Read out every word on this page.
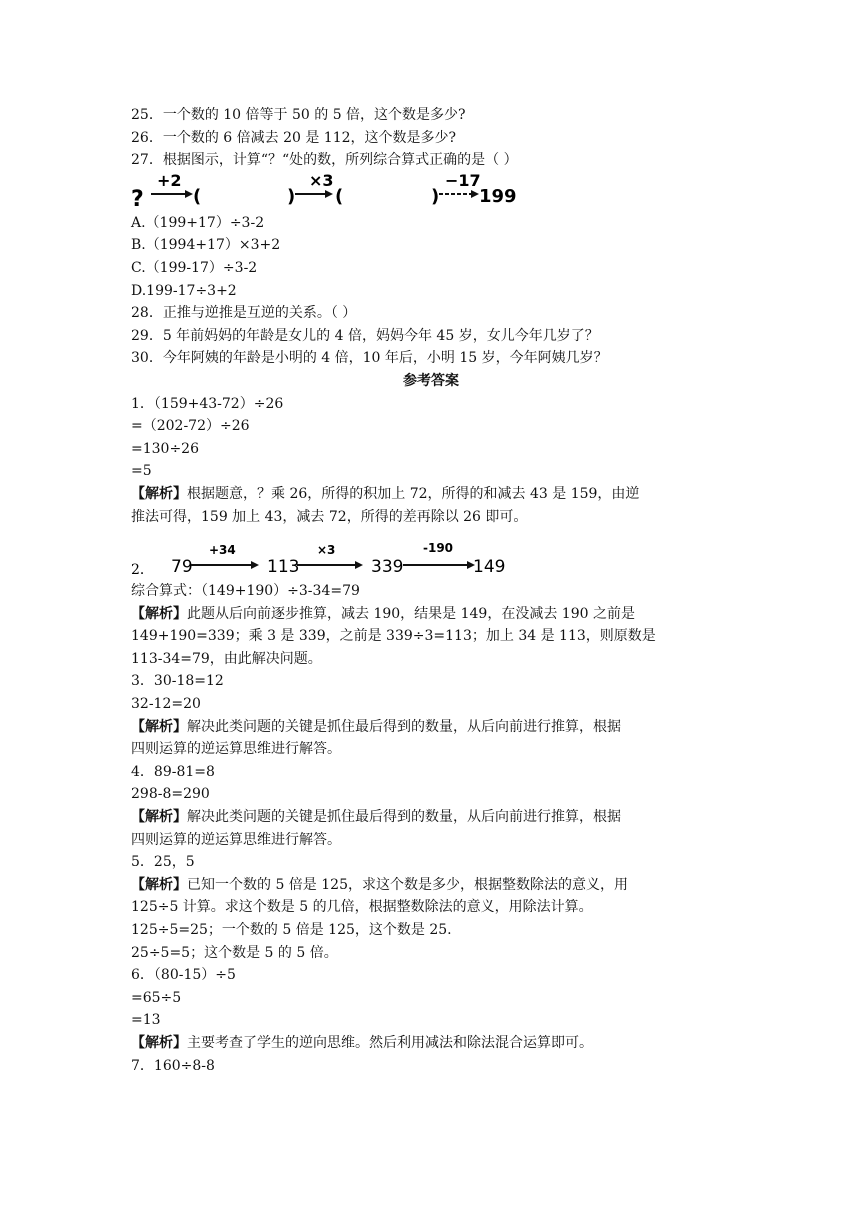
25．一个数的 10 倍等于 50 的 5 倍，这个数是多少?
26．一个数的 6 倍减去 20 是 112，这个数是多少?
27．根据图示，计算“？“处的数，所列综合算式正确的是（ ）
?
+2
(	)
×3
(	)
−17
199
A.（199+17）÷3-2
B.（1994+17）×3+2
C.（199-17）÷3-2
D.199-17÷3+2
28．正推与逆推是互逆的关系。（ ）
29．5 年前妈妈的年龄是女儿的 4 倍，妈妈今年 45 岁，女儿今年几岁了？
30．今年阿姨的年龄是小明的 4 倍，10 年后，小明 15 岁，今年阿姨几岁？
参考答案
1．（159+43-72）÷26
=（202-72）÷26
=130÷26
=5
【解析】根据题意，？乘 26，所得的积加上 72，所得的和减去 43 是 159，由逆
推法可得，159 加上 43，减去 72，所得的差再除以 26 即可。
2． 79
+34
113
×3
339
-190
149
综合算式：（149+190）÷3-34=79
【解析】此题从后向前逐步推算，减去 190，结果是 149，在没减去 190 之前是
149+190=339；乘 3 是 339，之前是 339÷3=113；加上 34 是 113，则原数是
113-34=79，由此解决问题。
3．30-18=12
32-12=20
【解析】解决此类问题的关键是抓住最后得到的数量，从后向前进行推算，根据
四则运算的逆运算思维进行解答。
4．89-81=8
298-8=290
【解析】解决此类问题的关键是抓住最后得到的数量，从后向前进行推算，根据
四则运算的逆运算思维进行解答。
5．25，5
【解析】已知一个数的 5 倍是 125，求这个数是多少，根据整数除法的意义，用
125÷5 计算。求这个数是 5 的几倍，根据整数除法的意义，用除法计算。
125÷5=25；一个数的 5 倍是 125，这个数是 25.
25÷5=5；这个数是 5 的 5 倍。
6．（80-15）÷5
=65÷5
=13
【解析】主要考查了学生的逆向思维。然后利用减法和除法混合运算即可。
7．160÷8-8
